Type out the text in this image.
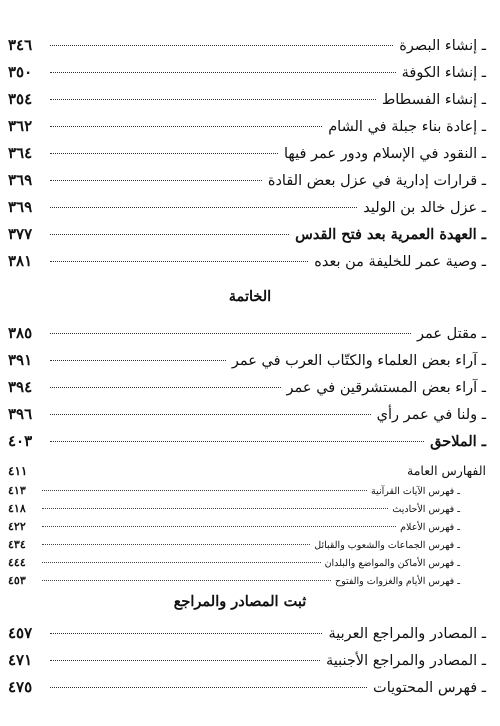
ـ إنشاء البصرة
٣٤٦
ـ إنشاء الكوفة
٣٥٠
ـ إنشاء الفسطاط
٣٥٤
ـ إعادة بناء جبلة في الشام
٣٦٢
ـ النقود في الإسلام ودور عمر فيها
٣٦٤
ـ قرارات إدارية في عزل بعض القادة
٣٦٩
ـ عزل خالد بن الوليد
٣٦٩
ـ العهدة العمرية بعد فتح القدس
٣٧٧
ـ وصية عمر للخليفة من بعده
٣٨١
الخاتمة
ـ مقتل عمر
٣٨٥
ـ آراء بعض العلماء والكتّاب العرب في عمر
٣٩١
ـ آراء بعض المستشرقين في عمر
٣٩٤
ـ ولنا في عمر رأي
٣٩٦
ـ الملاحق
٤٠٣
الفهارس العامة
٤١١
ـ فهرس الآيات القرآنية
٤١٣
ـ فهرس الأحاديث
٤١٨
ـ فهرس الأعلام
٤٢٢
ـ فهرس الجماعات والشعوب والقبائل
٤٣٤
ـ فهرس الأماكن والمواضع والبلدان
٤٤٤
ـ فهرس الأيام والغزوات والفتوح
٤٥٣
ثبت المصادر والمراجع
ـ المصادر والمراجع العربية
٤٥٧
ـ المصادر والمراجع الأجنبية
٤٧١
ـ فهرس المحتويات
٤٧٥
